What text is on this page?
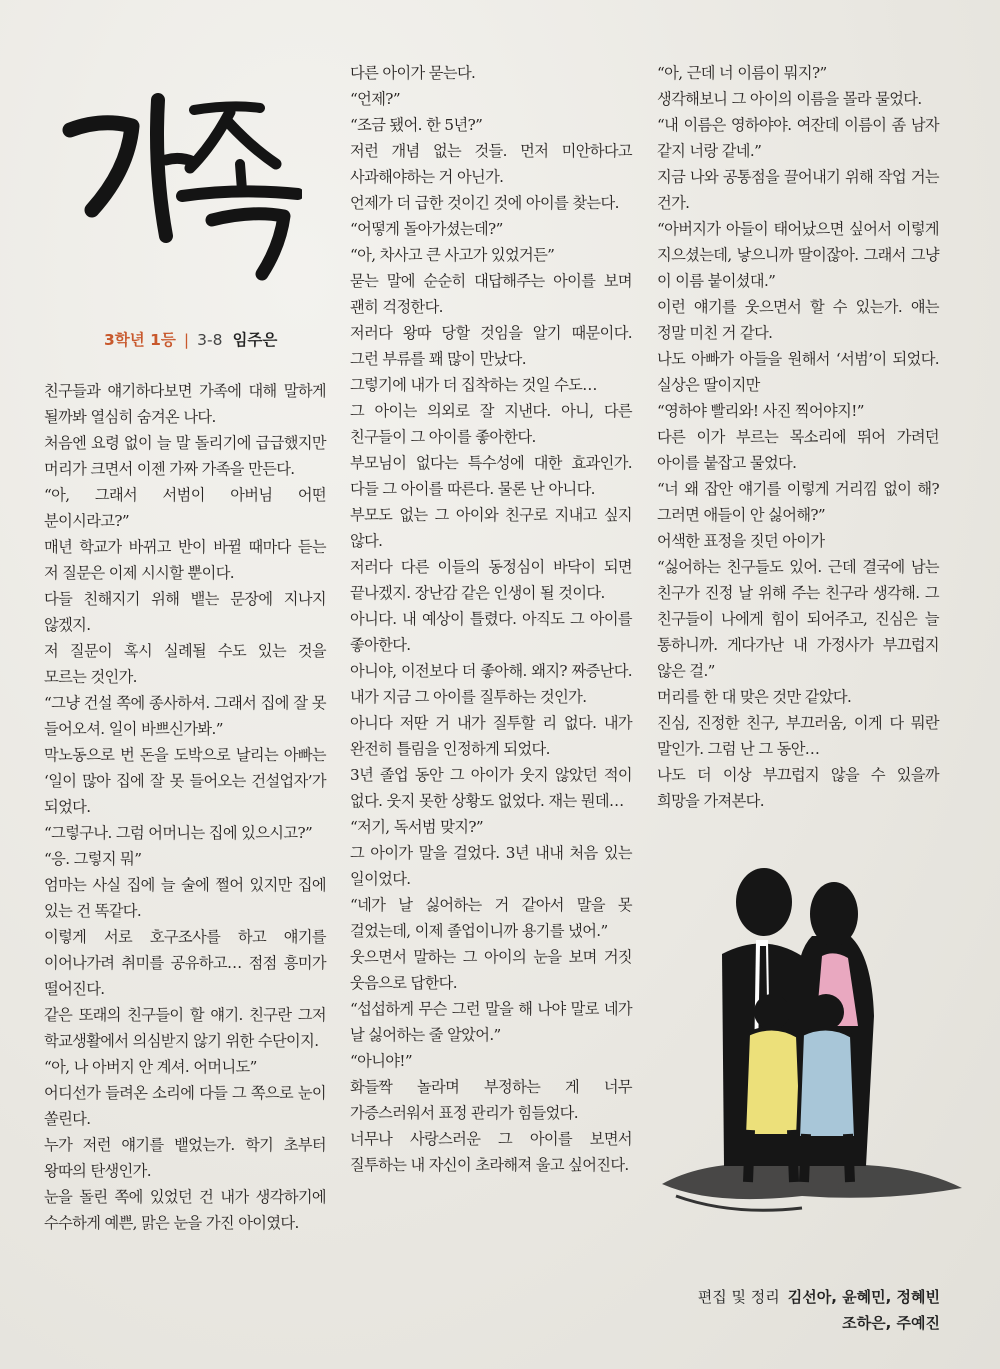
3학년 1등 | 3-8 임주은

친구들과 얘기하다보면 가족에 대해 말하게 될까봐 열심히 숨겨온 나다.

처음엔 요령 없이 늘 말 돌리기에 급급했지만 머리가 크면서 이젠 가짜 가족을 만든다.

“아, 그래서 서범이 아버님 어떤 분이시라고?”

매년 학교가 바뀌고 반이 바뀔 때마다 듣는 저 질문은 이제 시시할 뿐이다.

다들 친해지기 위해 뱉는 문장에 지나지 않겠지.

저 질문이 혹시 실례될 수도 있는 것을 모르는 것인가.

“그냥 건설 쪽에 종사하셔. 그래서 집에 잘 못 들어오셔. 일이 바쁘신가봐.”

막노동으로 번 돈을 도박으로 날리는 아빠는 ‘일이 많아 집에 잘 못 들어오는 건설업자’가 되었다.

“그렇구나. 그럼 어머니는 집에 있으시고?”

“응. 그렇지 뭐”

엄마는 사실 집에 늘 술에 쩔어 있지만 집에 있는 건 똑같다.

이렇게 서로 호구조사를 하고 얘기를 이어나가려 취미를 공유하고… 점점 흥미가 떨어진다.

같은 또래의 친구들이 할 얘기. 친구란 그저 학교생활에서 의심받지 않기 위한 수단이지.

“아, 나 아버지 안 계셔. 어머니도”

어디선가 들려온 소리에 다들 그 쪽으로 눈이 쏠린다.

누가 저런 얘기를 뱉었는가. 학기 초부터 왕따의 탄생인가.

눈을 돌린 쪽에 있었던 건 내가 생각하기에 수수하게 예쁜, 맑은 눈을 가진 아이였다.

다른 아이가 묻는다.

“언제?”

“조금 됐어. 한 5년?”

저런 개념 없는 것들. 먼저 미안하다고 사과해야하는 거 아닌가.

언제가 더 급한 것이긴 것에 아이를 찾는다.

“어떻게 돌아가셨는데?”

“아, 차사고 큰 사고가 있었거든”

묻는 말에 순순히 대답해주는 아이를 보며 괜히 걱정한다.

저러다 왕따 당할 것임을 알기 때문이다. 그런 부류를 꽤 많이 만났다.

그렇기에 내가 더 집착하는 것일 수도…

그 아이는 의외로 잘 지낸다. 아니, 다른 친구들이 그 아이를 좋아한다.

부모님이 없다는 특수성에 대한 효과인가. 다들 그 아이를 따른다. 물론 난 아니다.

부모도 없는 그 아이와 친구로 지내고 싶지 않다.

저러다 다른 이들의 동정심이 바닥이 되면 끝나겠지. 장난감 같은 인생이 될 것이다.

아니다. 내 예상이 틀렸다. 아직도 그 아이를 좋아한다.

아니야, 이전보다 더 좋아해. 왜지? 짜증난다. 내가 지금 그 아이를 질투하는 것인가.

아니다 저딴 거 내가 질투할 리 없다. 내가 완전히 틀림을 인정하게 되었다.

3년 졸업 동안 그 아이가 웃지 않았던 적이 없다. 웃지 못한 상황도 없었다. 재는 뭔데…

“저기, 독서범 맞지?”

그 아이가 말을 걸었다. 3년 내내 처음 있는 일이었다.

“네가 날 싫어하는 거 같아서 말을 못 걸었는데, 이제 졸업이니까 용기를 냈어.”

웃으면서 말하는 그 아이의 눈을 보며 거짓 웃음으로 답한다.

“섭섭하게 무슨 그런 말을 해 나야 말로 네가 날 싫어하는 줄 알았어.”

“아니야!”

화들짝 놀라며 부정하는 게 너무 가증스러워서 표정 관리가 힘들었다.

너무나 사랑스러운 그 아이를 보면서 질투하는 내 자신이 초라해져 울고 싶어진다.

“아, 근데 너 이름이 뭐지?”

생각해보니 그 아이의 이름을 몰라 물었다.

“내 이름은 영하야야. 여잔데 이름이 좀 남자 같지 너랑 같네.”

지금 나와 공통점을 끌어내기 위해 작업 거는 건가.

“아버지가 아들이 태어났으면 싶어서 이렇게 지으셨는데, 낳으니까 딸이잖아. 그래서 그냥 이 이름 붙이셨대.”

이런 얘기를 웃으면서 할 수 있는가. 얘는 정말 미친 거 같다.

나도 아빠가 아들을 원해서 ‘서범’이 되었다. 실상은 딸이지만

“영하야 빨리와! 사진 찍어야지!”

다른 이가 부르는 목소리에 뛰어 가려던 아이를 붙잡고 물었다.

“너 왜 잡안 얘기를 이렇게 거리낌 없이 해? 그러면 애들이 안 싫어해?”

어색한 표정을 짓던 아이가

“싫어하는 친구들도 있어. 근데 결국에 남는 친구가 진정 날 위해 주는 친구라 생각해. 그 친구들이 나에게 힘이 되어주고, 진심은 늘 통하니까. 게다가난 내 가정사가 부끄럽지 않은 걸.”

머리를 한 대 맞은 것만 같았다.

진심, 진정한 친구, 부끄러움, 이게 다 뭐란 말인가. 그럼 난 그 동안…

나도 더 이상 부끄럽지 않을 수 있을까 희망을 가져본다.

편집 및 정리 김선아, 윤혜민, 정혜빈
조하은, 주예진
